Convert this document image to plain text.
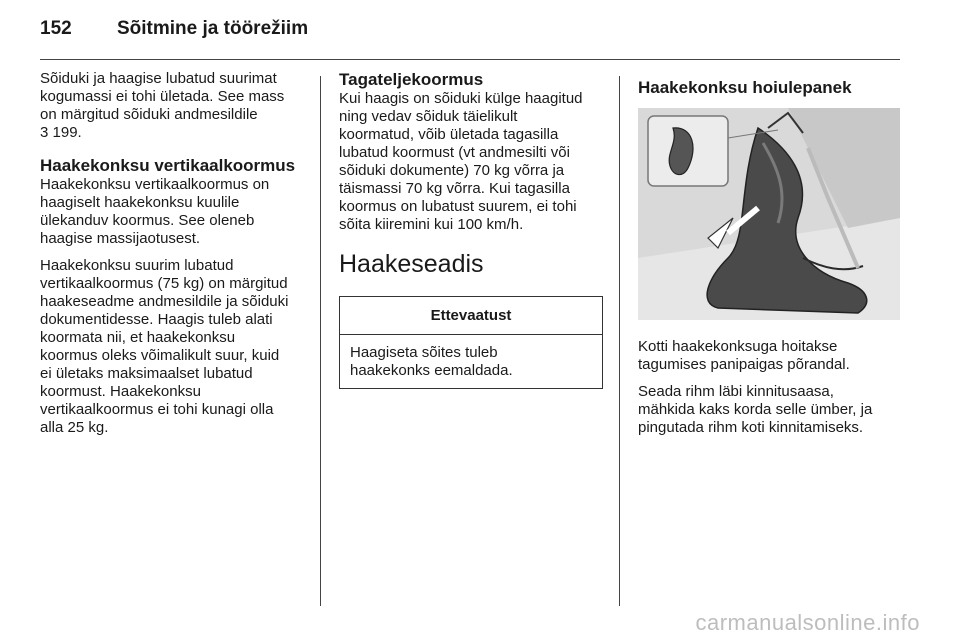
152 Sõitmine ja töörežiim

Sõiduki ja haagise lubatud suurimat
kogumassi ei tohi ületada. See mass
on märgitud sõiduki andmesildile

3 199.

Haakekonksu vertikaalkoormus

Haakekonksu vertikaalkoormus on
haagiselt haakekonksu kuulile
ülekanduv koormus. See oleneb
haagise massijaotusest.

Haakekonksu suurim lubatud
vertikaalkoormus (75 kg) on märgitud
haakeseadme andmesildile ja sõiduki
dokumentidesse. Haagis tuleb alati
koormata nii, et haakekonksu
koormus oleks võimalikult suur, kuid
ei ületaks maksimaalset lubatud
koormust. Haakekonksu
vertikaalkoormus ei tohi kunagi olla
alla 25 kg.

Tagateljekoormus

Kui haagis on sõiduki külge haagitud
ning vedav sõiduk täielikult
koormatud, võib ületada tagasilla
lubatud koormust (vt andmesilti või
sõiduki dokumente) 70 kg võrra ja
täismassi 70 kg võrra. Kui tagasilla
koormus on lubatust suurem, ei tohi
sõita kiiremini kui 100 km/h.

Haakeseadis
Ettevaatust
Haagiseta sõites tuleb
haakekonks eemaldada.
Haakekonksu hoiulepanek

Kotti haakekonksuga hoitakse
tagumises panipaigas põrandal.

Seada rihm läbi kinnitusaasa,
mähkida kaks korda selle ümber, ja
pingutada rihm koti kinnitamiseks.

carmanualsonline.info
